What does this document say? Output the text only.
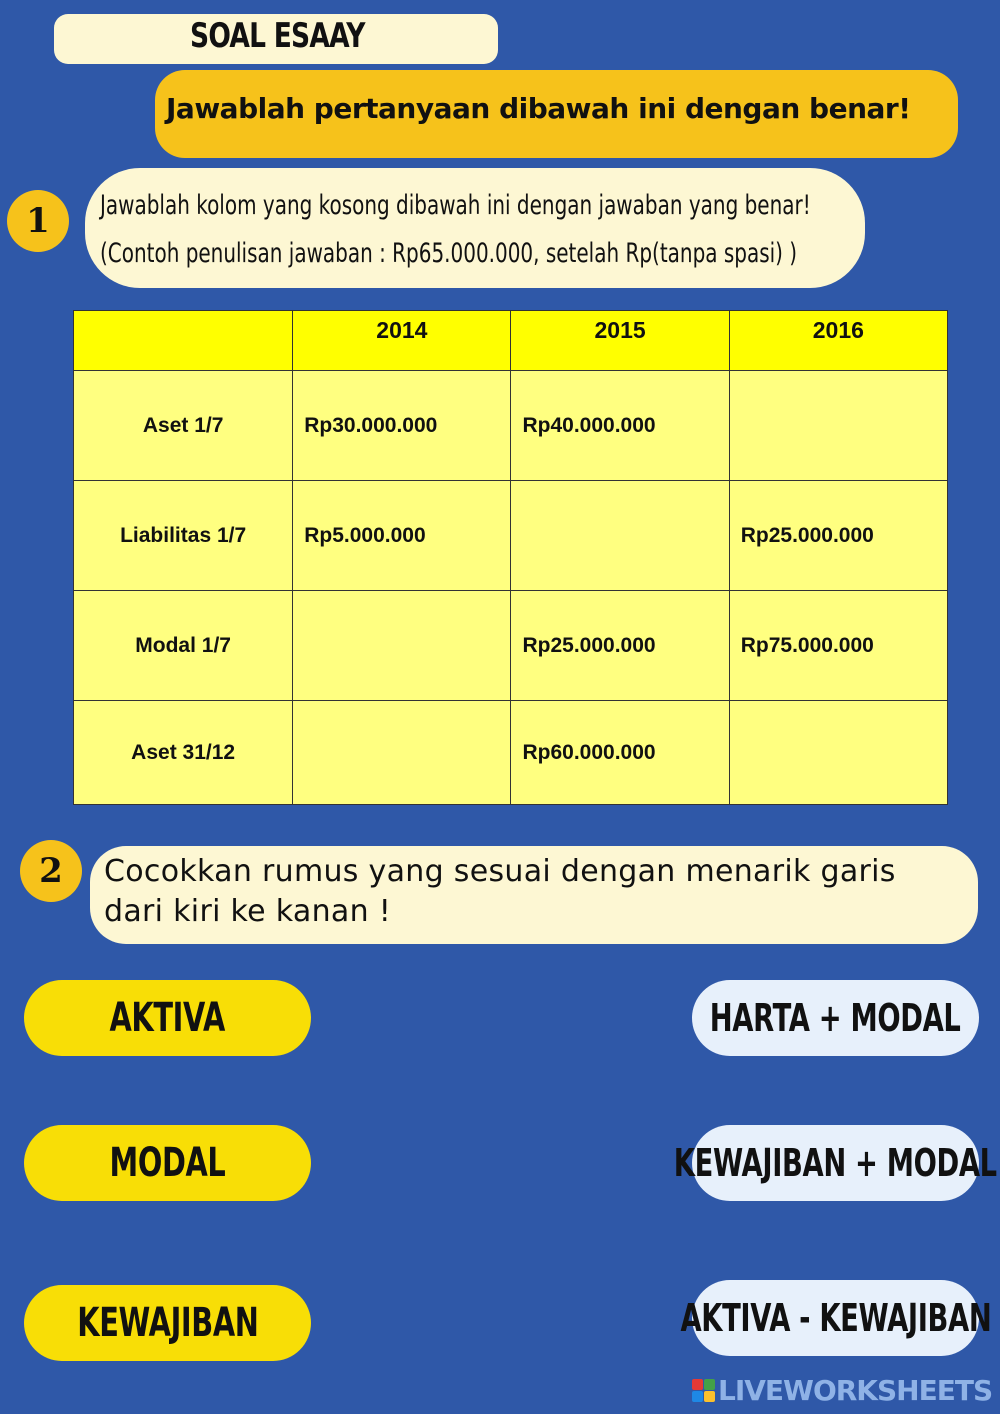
SOAL ESAAY
Jawablah pertanyaan dibawah ini dengan benar!
1	Jawablah kolom yang kosong dibawah ini dengan jawaban yang benar!
(Contoh penulisan jawaban : Rp65.000.000, setelah Rp(tanpa spasi) )
	2014	2015	2016
Aset 1/7	Rp30.000.000	Rp40.000.000	
Liabilitas 1/7	Rp5.000.000		Rp25.000.000
Modal 1/7		Rp25.000.000	Rp75.000.000
Aset 31/12		Rp60.000.000	
2	Cocokkan rumus yang sesuai dengan menarik garis dari kiri ke kanan !
AKTIVA
MODAL
KEWAJIBAN
HARTA + MODAL
KEWAJIBAN + MODAL
AKTIVA - KEWAJIBAN
LIVEWORKSHEETS
